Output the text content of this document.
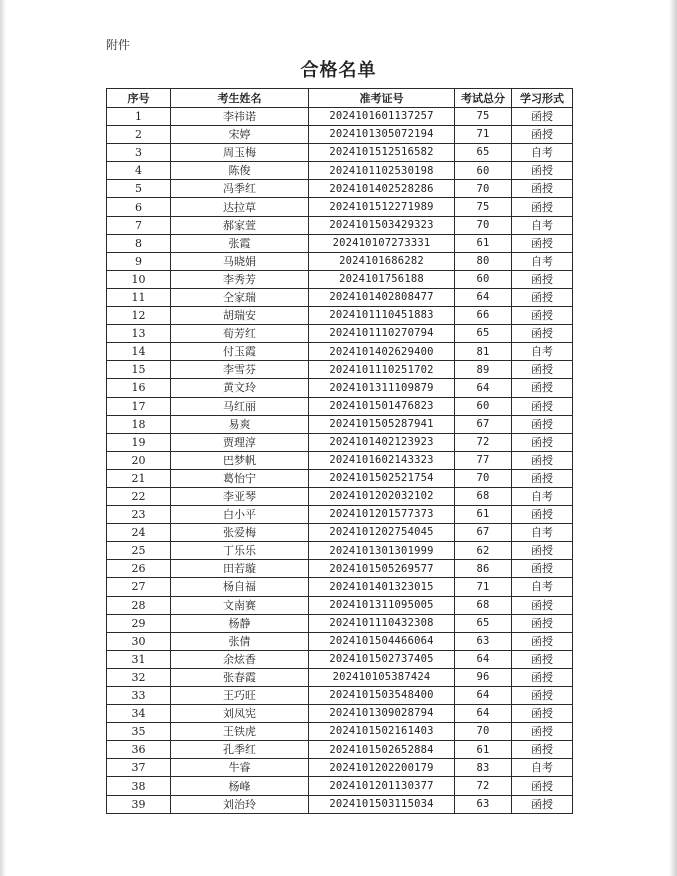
附件
合格名单
序号	考生姓名	准考证号	考试总分	学习形式
1	李祎诺	2024101601137257	75	函授
2	宋婷	2024101305072194	71	函授
3	周玉梅	2024101512516582	65	自考
4	陈俊	2024101102530198	60	函授
5	冯季红	2024101402528286	70	函授
6	达拉草	2024101512271989	75	函授
7	郝家萱	2024101503429323	70	自考
8	张霞	202410107273331	61	函授
9	马晓娟	2024101686282	80	自考
10	李秀芳	2024101756188	60	函授
11	仝家瑞	2024101402808477	64	函授
12	胡瑞安	2024101110451883	66	函授
13	荀芳红	2024101110270794	65	函授
14	付玉霞	2024101402629400	81	自考
15	李雪芬	2024101110251702	89	函授
16	黄文玲	2024101311109879	64	函授
17	马红丽	2024101501476823	60	函授
18	易爽	2024101505287941	67	函授
19	贾理淳	2024101402123923	72	函授
20	巴梦帆	2024101602143323	77	函授
21	葛怡宁	2024101502521754	70	函授
22	李亚琴	2024101202032102	68	自考
23	白小平	2024101201577373	61	函授
24	张爱梅	2024101202754045	67	自考
25	丁乐乐	2024101301301999	62	函授
26	田若璇	2024101505269577	86	函授
27	杨自福	2024101401323015	71	自考
28	文南赛	2024101311095005	68	函授
29	杨静	2024101110432308	65	函授
30	张倩	2024101504466064	63	函授
31	余炫香	2024101502737405	64	函授
32	张春霞	202410105387424	96	函授
33	王巧旺	2024101503548400	64	函授
34	刘凤宪	2024101309028794	64	函授
35	王铁虎	2024101502161403	70	函授
36	孔季红	2024101502652884	61	函授
37	牛睿	2024101202200179	83	自考
38	杨峰	2024101201130377	72	函授
39	刘治玲	2024101503115034	63	函授
